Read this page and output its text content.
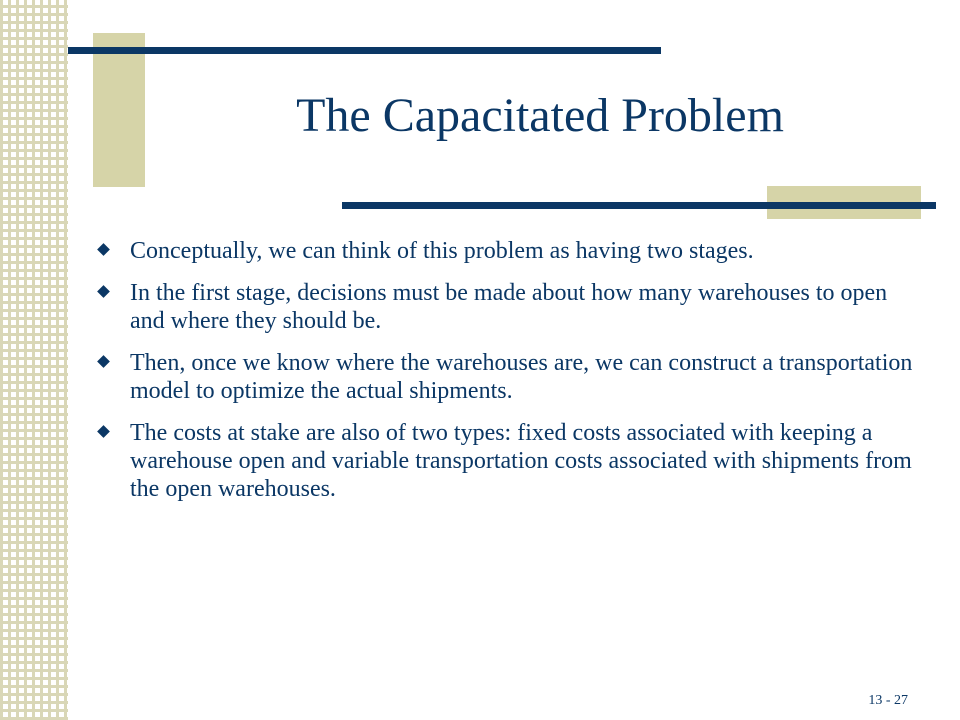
The Capacitated Problem
Conceptually, we can think of this problem as having two stages.
In the first stage, decisions must be made about how many warehouses to open and where they should be.
Then, once we know where the warehouses are, we can construct a transportation model to optimize the actual shipments.
The costs at stake are also of two types: fixed costs associated with keeping a warehouse open and variable transportation costs associated with shipments from the open warehouses.
13 - 27
